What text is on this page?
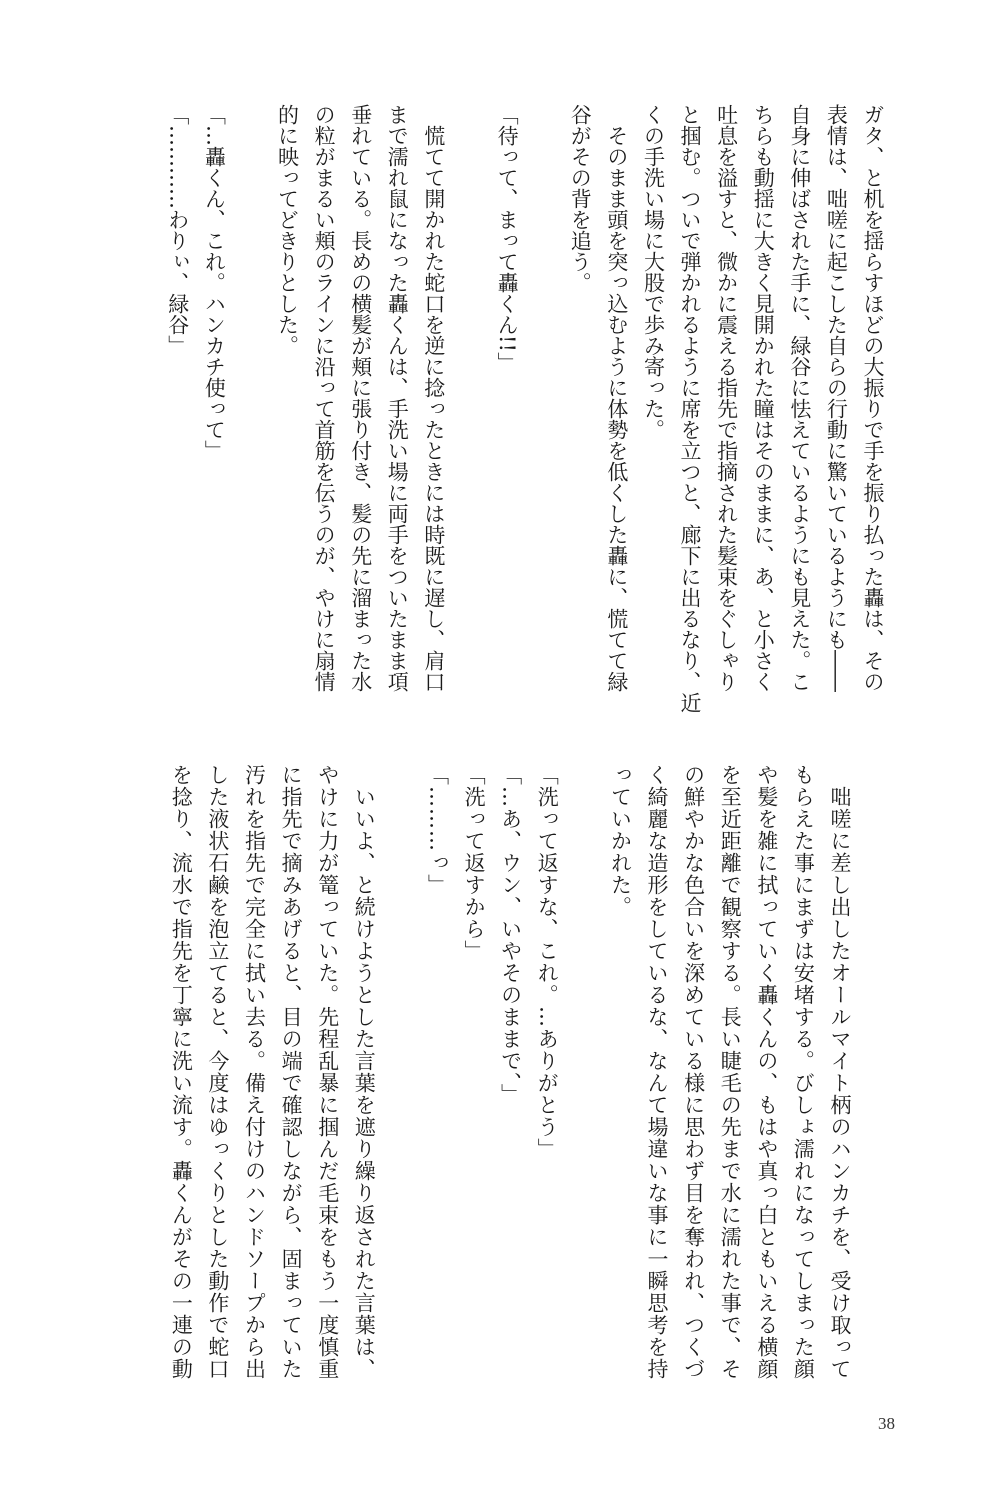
ガタ、と机を揺らすほどの大振りで手を振り払った轟は、その
表情は、咄嗟に起こした自らの行動に驚いているようにも――
自身に伸ばされた手に、緑谷に怯えているようにも見えた。こ
ちらも動揺に大きく見開かれた瞳はそのままに、あ、と小さく
吐息を溢すと、微かに震える指先で指摘された髪束をぐしゃり
と掴む。ついで弾かれるように席を立つと、廊下に出るなり、近
くの手洗い場に大股で歩み寄った。
　そのまま頭を突っ込むように体勢を低くした轟に、慌てて緑
谷がその背を追う。

「待って、まって轟くん!!」

　慌てて開かれた蛇口を逆に捻ったときには時既に遅し、肩口
まで濡れ鼠になった轟くんは、手洗い場に両手をついたまま項
垂れている。長めの横髪が頬に張り付き、髪の先に溜まった水
の粒がまるい頬のラインに沿って首筋を伝うのが、やけに扇情
的に映ってどきりとした。

「…轟くん、これ。ハンカチ使って」
「…………わりぃ、緑谷」
　咄嗟に差し出したオールマイト柄のハンカチを、受け取って
もらえた事にまずは安堵する。びしょ濡れになってしまった顔
や髪を雑に拭っていく轟くんの、もはや真っ白ともいえる横顔
を至近距離で観察する。長い睫毛の先まで水に濡れた事で、そ
の鮮やかな色合いを深めている様に思わず目を奪われ、つくづ
く綺麗な造形をしているな、なんて場違いな事に一瞬思考を持
っていかれた。

「洗って返すな、これ。…ありがとう」
「…あ、ウン、いやそのままで、」
「洗って返すから」
「………っ」

　いいよ、と続けようとした言葉を遮り繰り返された言葉は、
やけに力が篭っていた。先程乱暴に掴んだ毛束をもう一度慎重
に指先で摘みあげると、目の端で確認しながら、固まっていた
汚れを指先で完全に拭い去る。備え付けのハンドソープから出
した液状石鹸を泡立てると、今度はゆっくりとした動作で蛇口
を捻り、流水で指先を丁寧に洗い流す。轟くんがその一連の動
38
